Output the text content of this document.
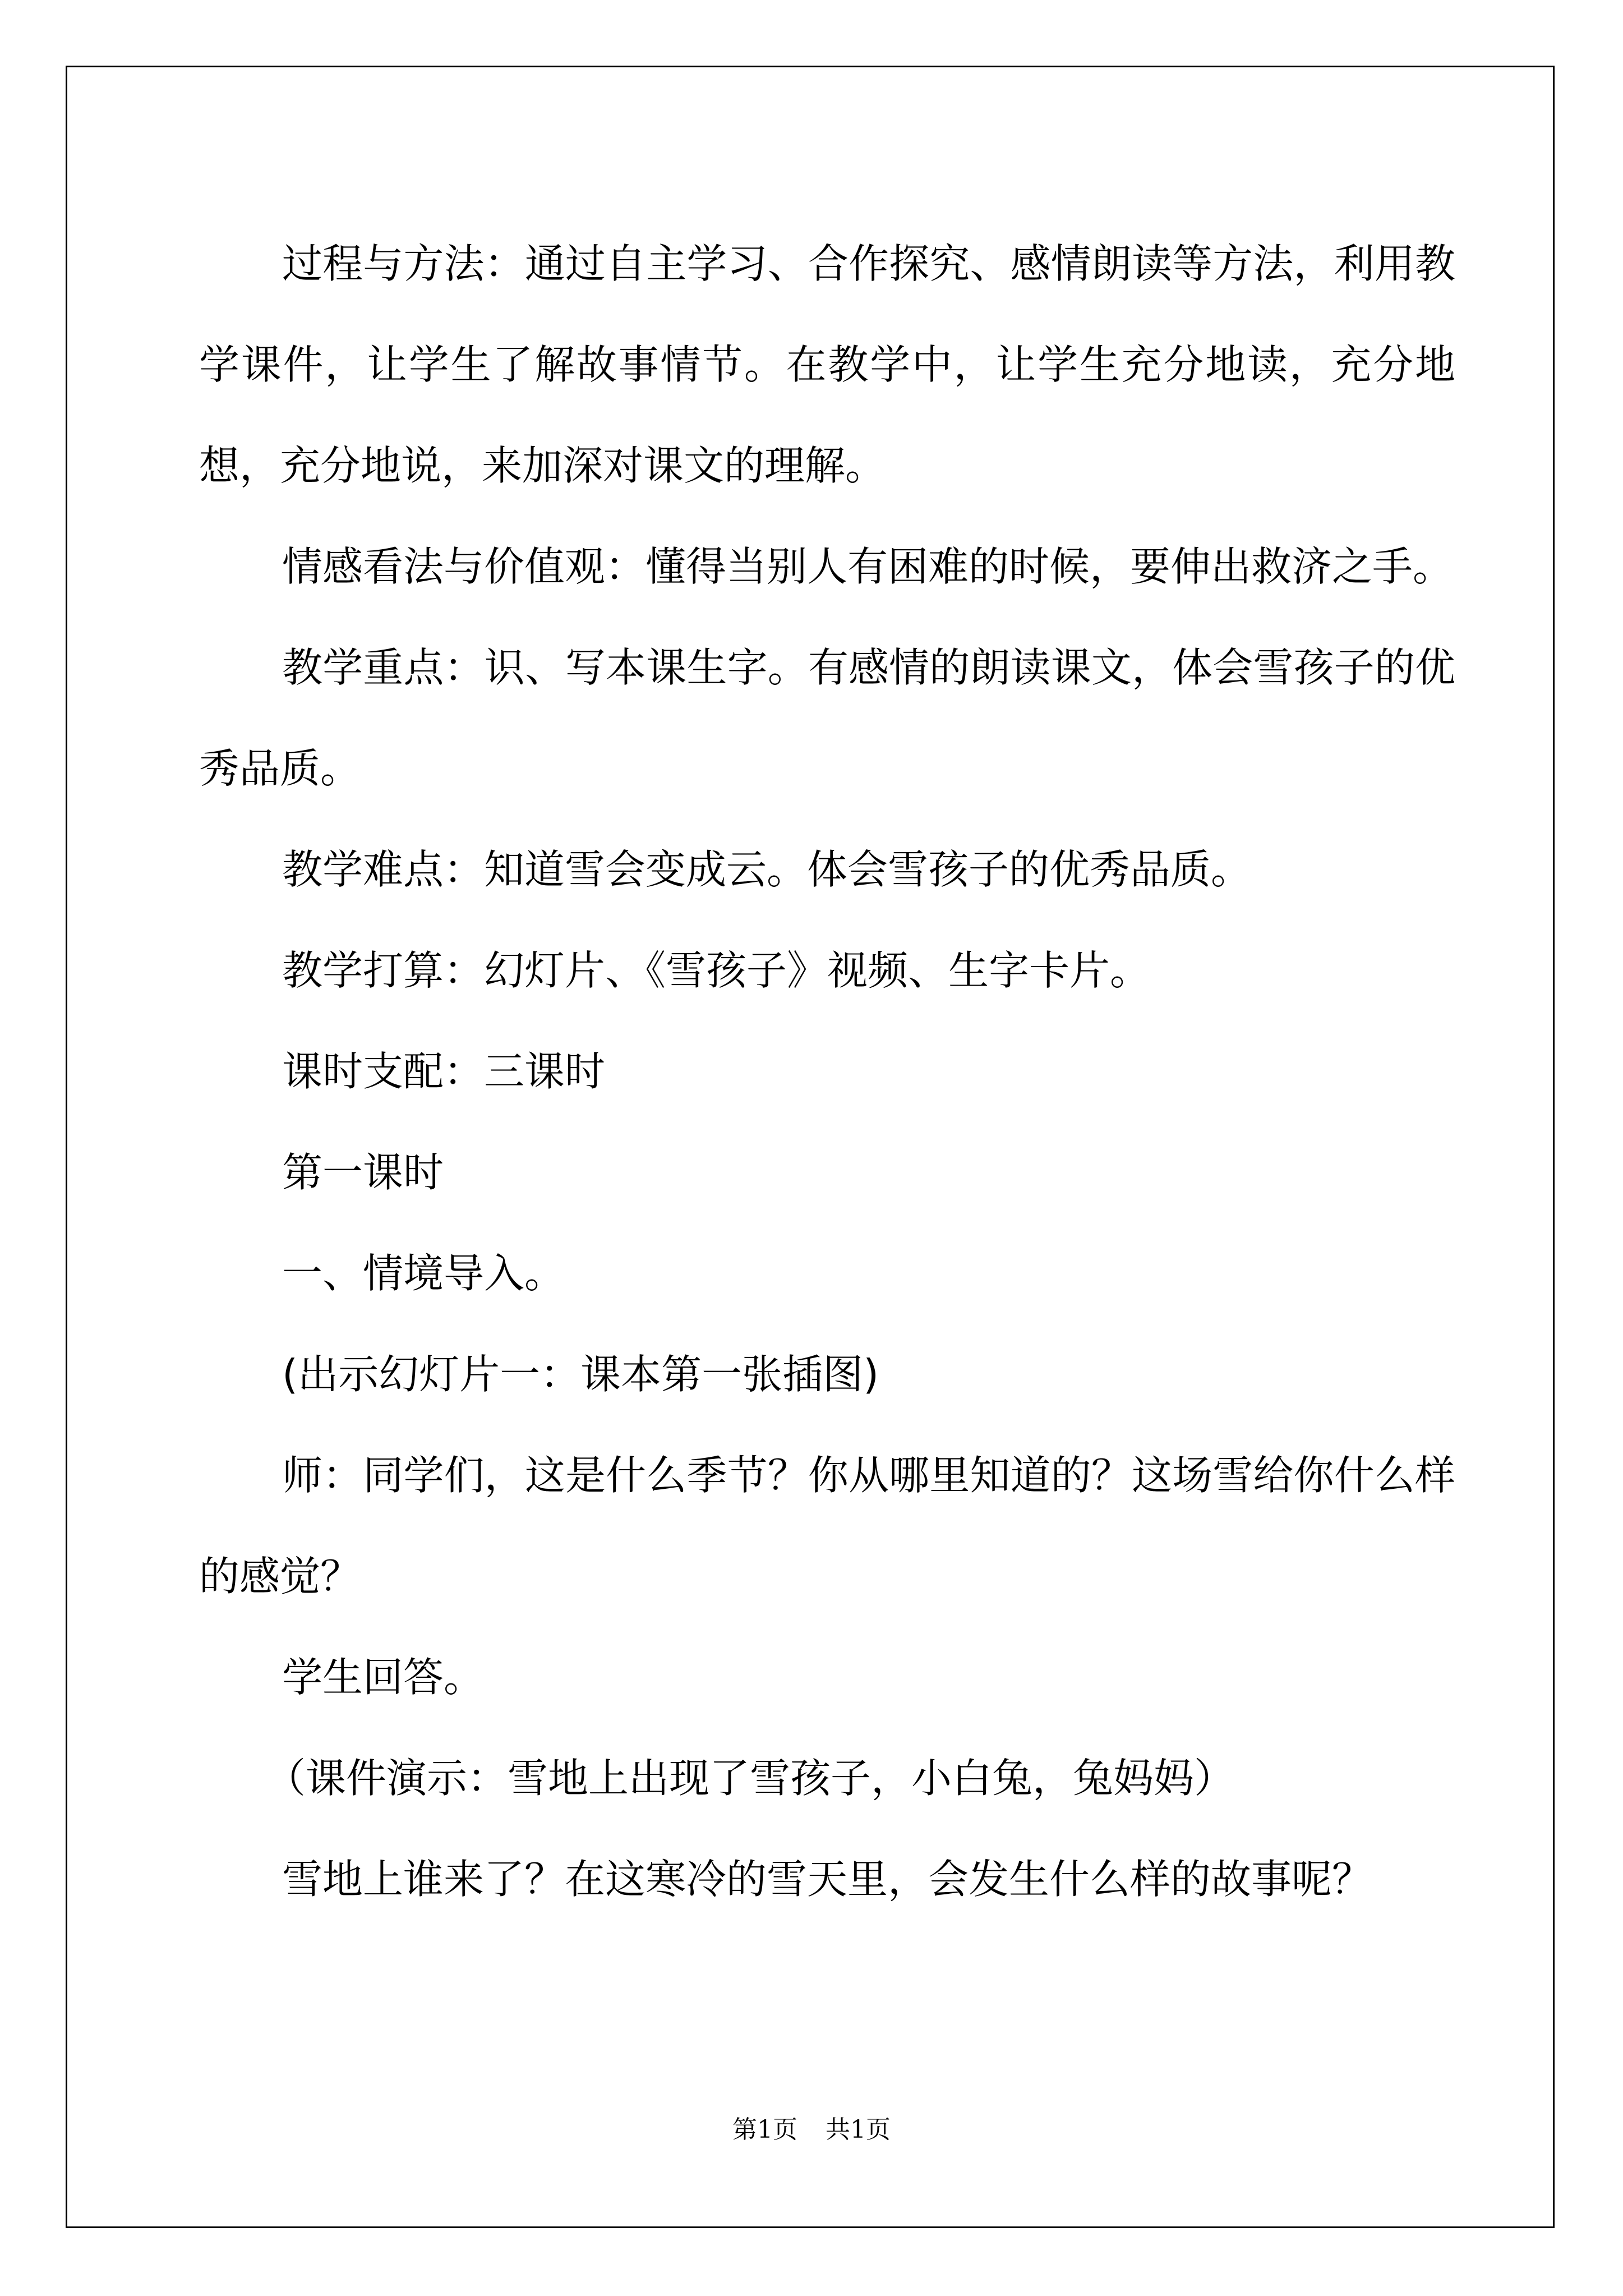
过程与方法：通过自主学习、合作探究、感情朗读等方法，利用教学课件，让学生了解故事情节。在教学中，让学生充分地读，充分地想，充分地说，来加深对课文的理解。

情感看法与价值观：懂得当别人有困难的时候，要伸出救济之手。

教学重点：识、写本课生字。有感情的朗读课文，体会雪孩子的优秀品质。

教学难点：知道雪会变成云。体会雪孩子的优秀品质。

教学打算：幻灯片、《雪孩子》视频、生字卡片。

课时支配：三课时

第一课时

一、情境导入。

(出示幻灯片一：课本第一张插图)

师：同学们，这是什么季节？你从哪里知道的？这场雪给你什么样的感觉？

学生回答。

（课件演示：雪地上出现了雪孩子，小白兔，兔妈妈）

雪地上谁来了？在这寒冷的雪天里，会发生什么样的故事呢？

第1页 共1页
